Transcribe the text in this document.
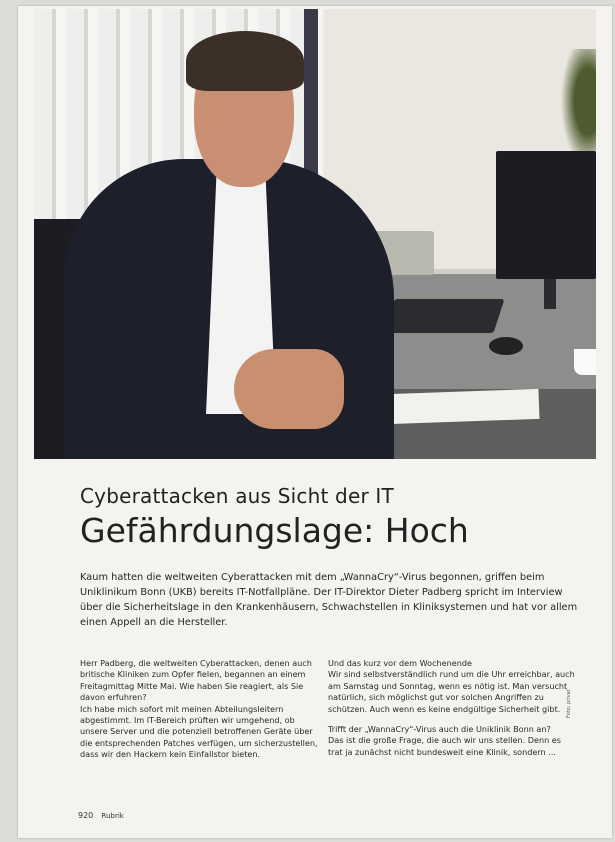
Cyberattacken aus Sicht der IT
Gefährdungslage: Hoch
Kaum hatten die weltweiten Cyberattacken mit dem „WannaCry“-Virus begonnen, griffen beim Uniklinikum Bonn (UKB) bereits IT-Notfallpläne. Der IT-Direktor Dieter Padberg spricht im Interview über die Sicherheitslage in den Krankenhäusern, Schwachstellen in Kliniksystemen und hat vor allem einen Appell an die Hersteller.
Herr Padberg, die weltweiten Cyberattacken, denen auch britische Kliniken zum Opfer fielen, begannen an einem Freitagmittag Mitte Mai. Wie haben Sie reagiert, als Sie davon erfuhren?
Ich habe mich sofort mit meinen Abteilungsleitern abgestimmt. Im IT-Bereich prüften wir umgehend, ob unsere Server und die potenziell betroffenen Geräte über die entsprechenden Patches verfügen, um sicherzustellen, dass wir den Hackern kein Einfallstor bieten.
Und das kurz vor dem Wochenende
Wir sind selbstverständlich rund um die Uhr erreichbar, auch am Samstag und Sonntag, wenn es nötig ist. Man versucht natürlich, sich möglichst gut vor solchen Angriffen zu schützen. Auch wenn es keine endgültige Sicherheit gibt.
Trifft der „WannaCry“-Virus auch die Uniklinik Bonn an?
Das ist die große Frage, die auch wir uns stellen. Denn es trat ja zunächst nicht bundesweit eine Klinik, sondern ...
Foto: privat
920 Rubrik
